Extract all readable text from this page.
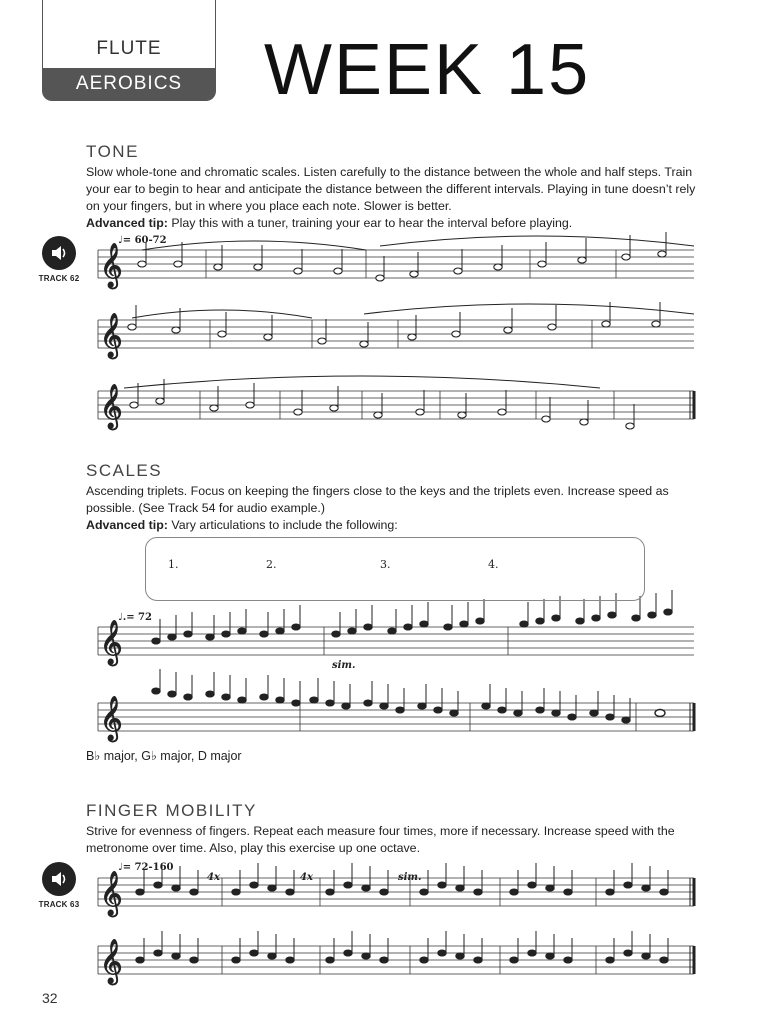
FLUTE
AEROBICS	WEEK 15
TONE
Slow whole-tone and chromatic scales. Listen carefully to the distance between the whole and half steps. Train your ear to begin to hear and anticipate the distance between the different intervals. Playing in tune doesn’t rely on your fingers, but in where you place each note. Slower is better.
Advanced tip: Play this with a tuner, training your ear to hear the interval before playing.
TRACK 62
♩= 60-72
𝄞
𝄞
𝄞
𝄞
𝄞
𝄞
𝄞
SCALES
Ascending triplets. Focus on keeping the fingers close to the keys and the triplets even. Increase speed as possible. (See Track 54 for audio example.)
Advanced tip: Vary articulations to include the following:
1.	2.	3.	4.
♩.= 72
sim.
B♭ major, G♭ major, D major
FINGER MOBILITY
Strive for evenness of fingers. Repeat each measure four times, more if necessary. Increase speed with the metronome over time. Also, play this exercise up one octave.
TRACK 63
♩= 72-160
4x	4x	sim.
32
